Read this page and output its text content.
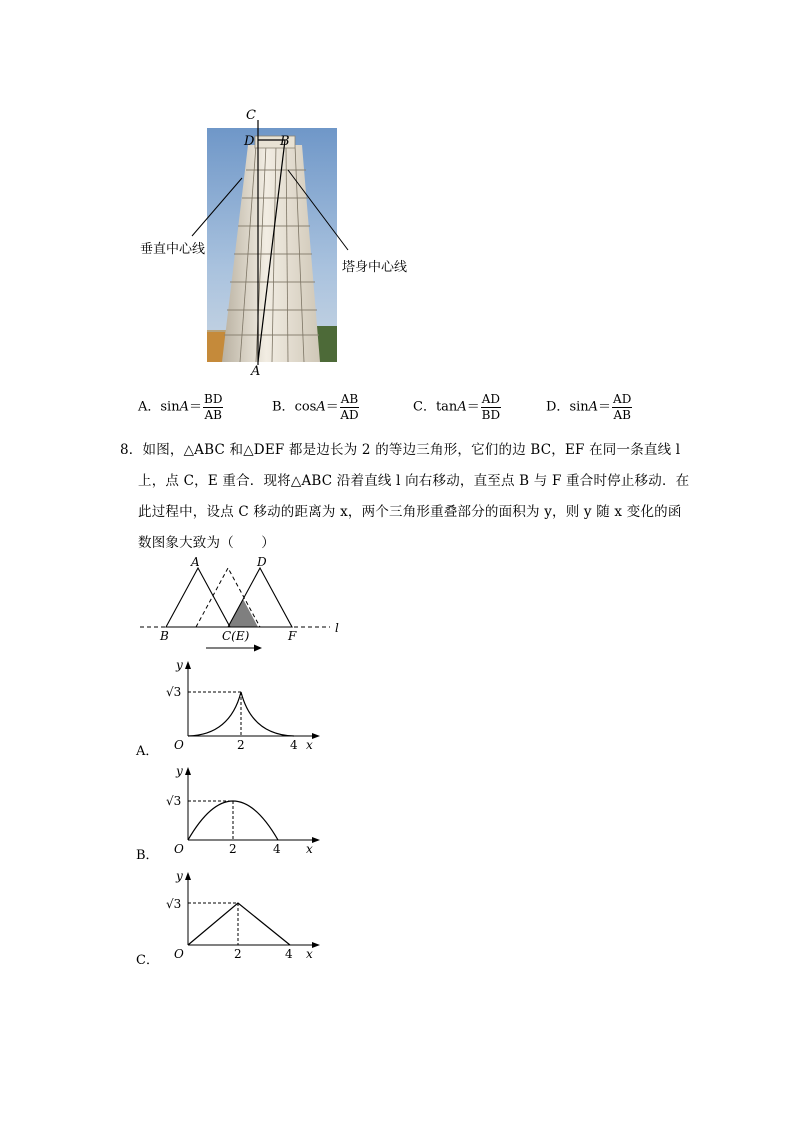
C
D B
A
垂直中心线
塔身中心线
A．$\sin A= \frac{BD}{AB}$	B．$\cos A= \frac{AB}{AD}$	C．$\tan A= \frac{AD}{BD}$	D．$\sin A= \frac{AD}{AB}$
8．如图，△ABC 和△DEF 都是边长为 2 的等边三角形，它们的边 BC，EF 在同一条直线 l
上，点 C，E 重合．现将△ABC 沿着直线 l 向右移动，直至点 B 与 F 重合时停止移动．在
此过程中，设点 C 移动的距离为 x，两个三角形重叠部分的面积为 y，则 y 随 x 变化的函
数图象大致为（　　）
A	D
B	C(E)	F
l
y
√3
O	2	4 x
A．
y
√3
O	2	4 x
B．
y
√3
O	2	4 x
C．
